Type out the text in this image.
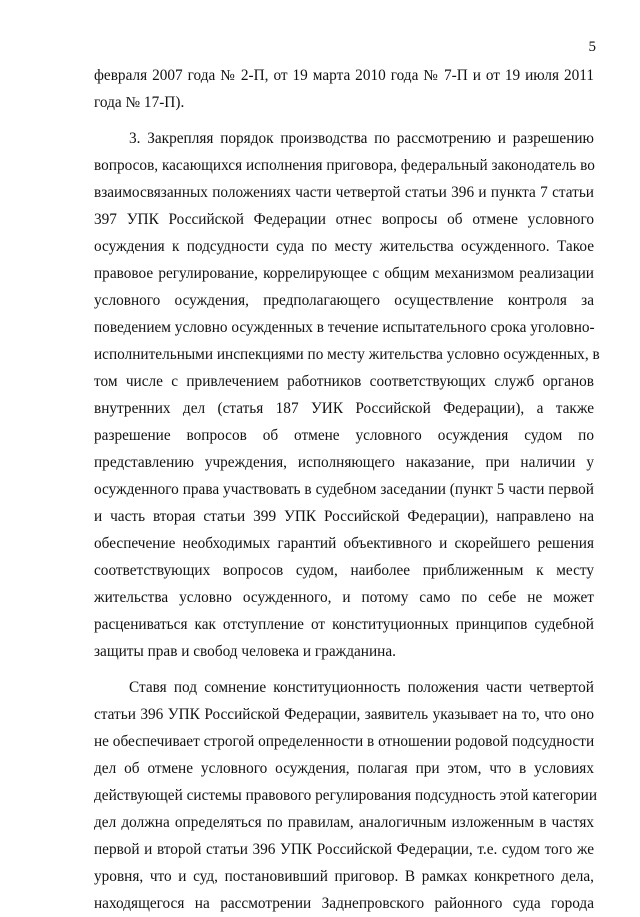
5
февраля 2007 года № 2-П, от 19 марта 2010 года № 7-П и от 19 июля 2011
года № 17-П).
3. Закрепляя порядок производства по рассмотрению и разрешению
вопросов, касающихся исполнения приговора, федеральный законодатель во
взаимосвязанных положениях части четвертой статьи 396 и пункта 7 статьи
397 УПК Российской Федерации отнес вопросы об отмене условного
осуждения к подсудности суда по месту жительства осужденного. Такое
правовое регулирование, коррелирующее с общим механизмом реализации
условного осуждения, предполагающего осуществление контроля за
поведением условно осужденных в течение испытательного срока уголовно-
исполнительными инспекциями по месту жительства условно осужденных, в
том числе с привлечением работников соответствующих служб органов
внутренних дел (статья 187 УИК Российской Федерации), а также
разрешение вопросов об отмене условного осуждения судом по
представлению учреждения, исполняющего наказание, при наличии у
осужденного права участвовать в судебном заседании (пункт 5 части первой
и часть вторая статьи 399 УПК Российской Федерации), направлено на
обеспечение необходимых гарантий объективного и скорейшего решения
соответствующих вопросов судом, наиболее приближенным к месту
жительства условно осужденного, и потому само по себе не может
расцениваться как отступление от конституционных принципов судебной
защиты прав и свобод человека и гражданина.
Ставя под сомнение конституционность положения части четвертой
статьи 396 УПК Российской Федерации, заявитель указывает на то, что оно
не обеспечивает строгой определенности в отношении родовой подсудности
дел об отмене условного осуждения, полагая при этом, что в условиях
действующей системы правового регулирования подсудность этой категории
дел должна определяться по правилам, аналогичным изложенным в частях
первой и второй статьи 396 УПК Российской Федерации, т.е. судом того же
уровня, что и суд, постановивший приговор. В рамках конкретного дела,
находящегося на рассмотрении Заднепровского районного суда города
